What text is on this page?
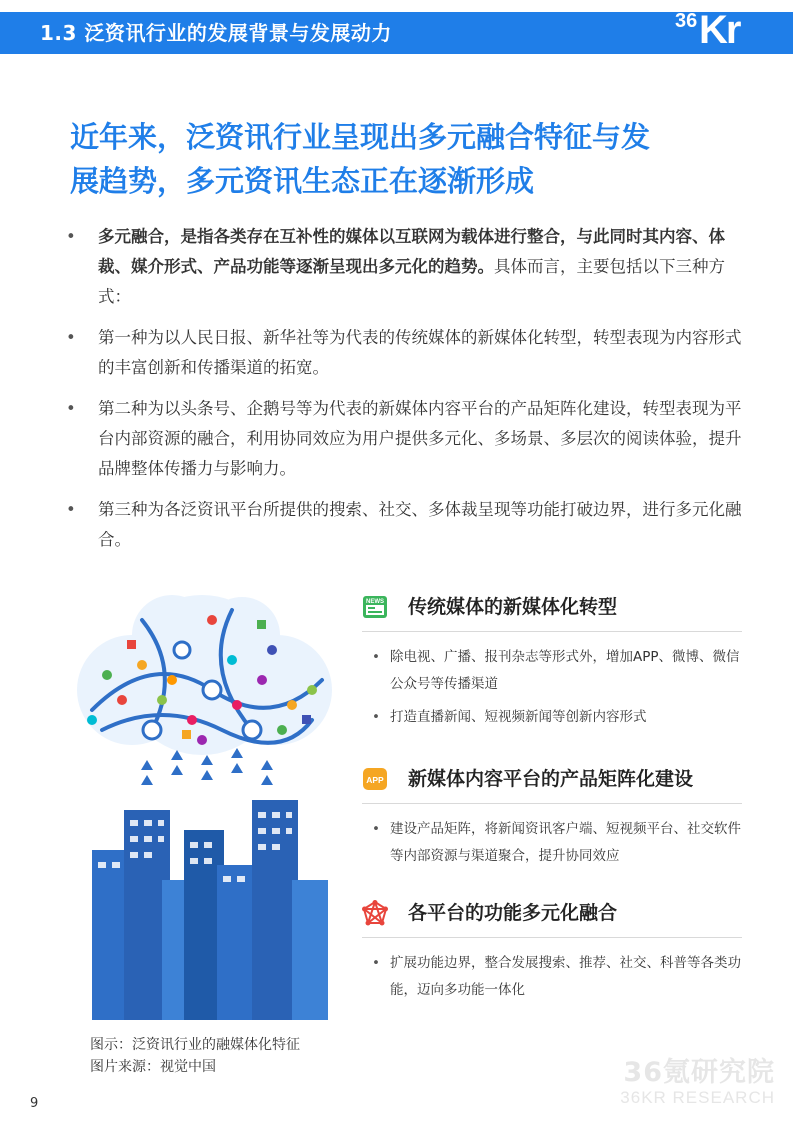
1.3 泛资讯行业的发展背景与发展动力	36 Kr
近年来，泛资讯行业呈现出多元融合特征与发
展趋势，多元资讯生态正在逐渐形成
• 多元融合，是指各类存在互补性的媒体以互联网为载体进行整合，与此同时其内容、体裁、媒介形式、产品功能等逐渐呈现出多元化的趋势。具体而言，主要包括以下三种方式：
• 第一种为以人民日报、新华社等为代表的传统媒体的新媒体化转型，转型表现为内容形式的丰富创新和传播渠道的拓宽。
• 第二种为以头条号、企鹅号等为代表的新媒体内容平台的产品矩阵化建设，转型表现为平台内部资源的融合，利用协同效应为用户提供多元化、多场景、多层次的阅读体验，提升品牌整体传播力与影响力。
• 第三种为各泛资讯平台所提供的搜索、社交、多体裁呈现等功能打破边界，进行多元化融合。
图示：泛资讯行业的融媒体化特征
图片来源：视觉中国
NEWS 传统媒体的新媒体化转型
• 除电视、广播、报刊杂志等形式外，增加APP、微博、微信公众号等传播渠道
• 打造直播新闻、短视频新闻等创新内容形式
APP 新媒体内容平台的产品矩阵化建设
• 建设产品矩阵，将新闻资讯客户端、短视频平台、社交软件等内部资源与渠道聚合，提升协同效应
各平台的功能多元化融合
• 扩展功能边界，整合发展搜索、推荐、社交、科普等各类功能，迈向多功能一体化
36氪研究院
36KR RESEARCH
9
